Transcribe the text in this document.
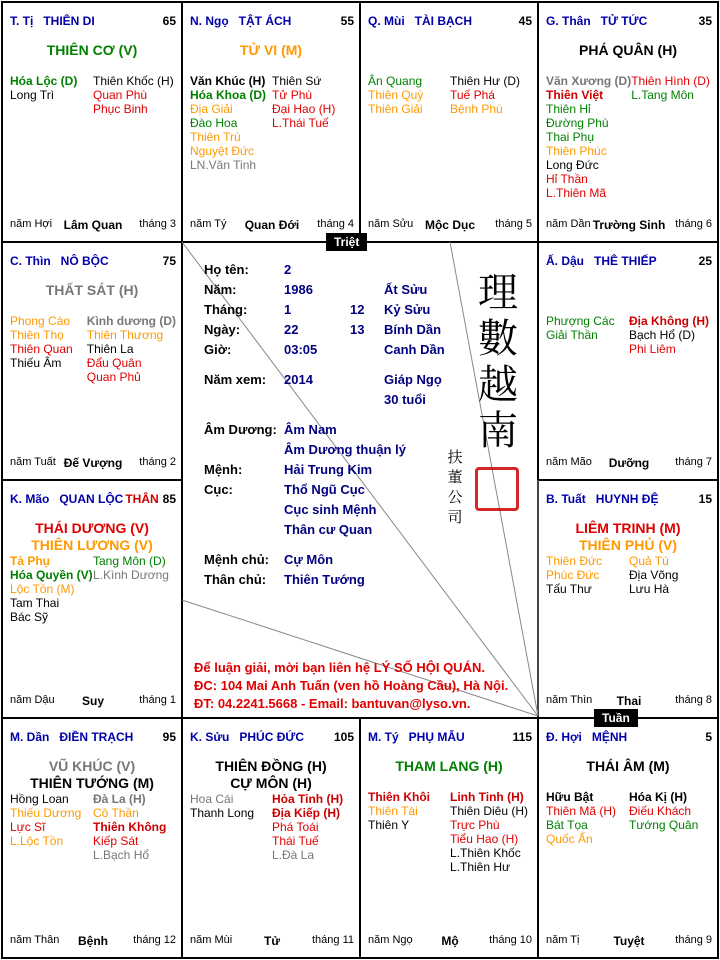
T. Tị THIÊN DI	65
THIÊN CƠ (V)
Hóa Lộc (D)
Long Trì
Thiên Khốc (H)
Quan Phù
Phục Binh
năm Hợi Lâm Quan	tháng 3
N. Ngọ TẬT ÁCH	55
TỬ VI (M)
Văn Khúc (H)
Hóa Khoa (D)
Địa Giải
Đào Hoa
Thiên Trù
Nguyệt Đức
LN.Văn Tinh
Thiên Sứ
Tử Phù
Đại Hao (H)
L.Thái Tuế
năm Tý	Quan Đới	tháng 4
Q. Mùi TÀI BẠCH	45
Ân Quang
Thiên Quý
Thiên Giải
Thiên Hư (D)
Tuế Phá
Bệnh Phù
năm Sửu Mộc Dục	tháng 5
G. Thân TỬ TỨC	35
PHÁ QUÂN (H)
Văn Xương (D)
Thiên Việt
Thiên Hỉ
Đường Phù
Thai Phụ
Thiên Phúc
Long Đức
Hỉ Thần
L.Thiên Mã
Thiên Hình (D)
L.Tang Môn
năm Dần Trường Sinh tháng 6
C. Thìn NÔ BỘC	75
THẤT SÁT (H)
Phong Cáo
Thiên Thọ
Thiên Quan
Thiếu Âm
Kình dương (D)
Thiên Thương
Thiên La
Đẩu Quân
Quan Phủ
năm Tuất Đế Vượng	tháng 2
Ấ. Dậu THÊ THIẾP	25
Phượng Các
Giải Thần
Địa Không (H)
Bạch Hổ (D)
Phi Liêm
năm Mão	Dưỡng	tháng 7
K. Mão QUAN LỘC THÂN 85
THÁI DƯƠNG (V)
THIÊN LƯƠNG (V)
Tả Phụ
Hóa Quyền (V)
Lộc Tồn (M)
Tam Thai
Bác Sỹ
Tang Môn (D)
L.Kình Dương
năm Dậu	Suy	tháng 1
B. Tuất HUYNH ĐỆ	15
LIÊM TRINH (M)
THIÊN PHỦ (V)
Thiên Đức
Phúc Đức
Tấu Thư
Quả Tú
Địa Võng
Lưu Hà
năm Thìn	Thai	tháng 8
M. Dần ĐIỀN TRẠCH 95
VŨ KHÚC (V)
THIÊN TƯỚNG (M)
Hồng Loan
Thiếu Dương
Lực Sĩ
L.Lộc Tồn
Đà La (H)
Cô Thần
Thiên Không
Kiếp Sát
L.Bạch Hổ
năm Thân	Bệnh	tháng 12
K. Sửu PHÚC ĐỨC 105
THIÊN ĐỒNG (H)
CỰ MÔN (H)
Hoa Cái
Thanh Long
Hỏa Tinh (H)
Địa Kiếp (H)
Phá Toái
Thái Tuế
L.Đà La
năm Mùi	Tử	tháng 11
M. Tý PHỤ MẪU	115
THAM LANG (H)
Thiên Khôi
Thiên Tài
Thiên Y
Linh Tinh (H)
Thiên Diêu (H)
Trực Phù
Tiểu Hao (H)
L.Thiên Khốc
L.Thiên Hư
năm Ngọ	Mộ	tháng 10
Đ. Hợi MỆNH	5
THÁI ÂM (M)
Hữu Bật
Thiên Mã (H)
Bát Tọa
Quốc Ấn
Hóa Kị (H)
Điếu Khách
Tướng Quân
năm Tị	Tuyệt	tháng 9
Họ tên:	2
Năm:	1986	Ất Sửu
Tháng:	1	12 Kỷ Sửu
Ngày:	22	13 Bính Dần
Giờ:	03:05	Canh Dần
Năm xem: 2014	Giáp Ngọ
30 tuổi
Âm Dương: Âm Nam
Âm Dương thuận lý
Mệnh:	Hải Trung Kim
Cục:	Thổ Ngũ Cục
Cục sinh Mệnh
Thân cư Quan
Mệnh chủ: Cự Môn
Thân chủ: Thiên Tướng
理數越南
扶董公司
Để luận giải, mời bạn liên hệ LÝ SỐ HỘI QUÁN.
ĐC: 104 Mai Anh Tuấn (ven hồ Hoàng Cầu), Hà Nội.
ĐT: 04.2241.5668 - Email: bantuvan@lyso.vn.
Triệt
Tuần
